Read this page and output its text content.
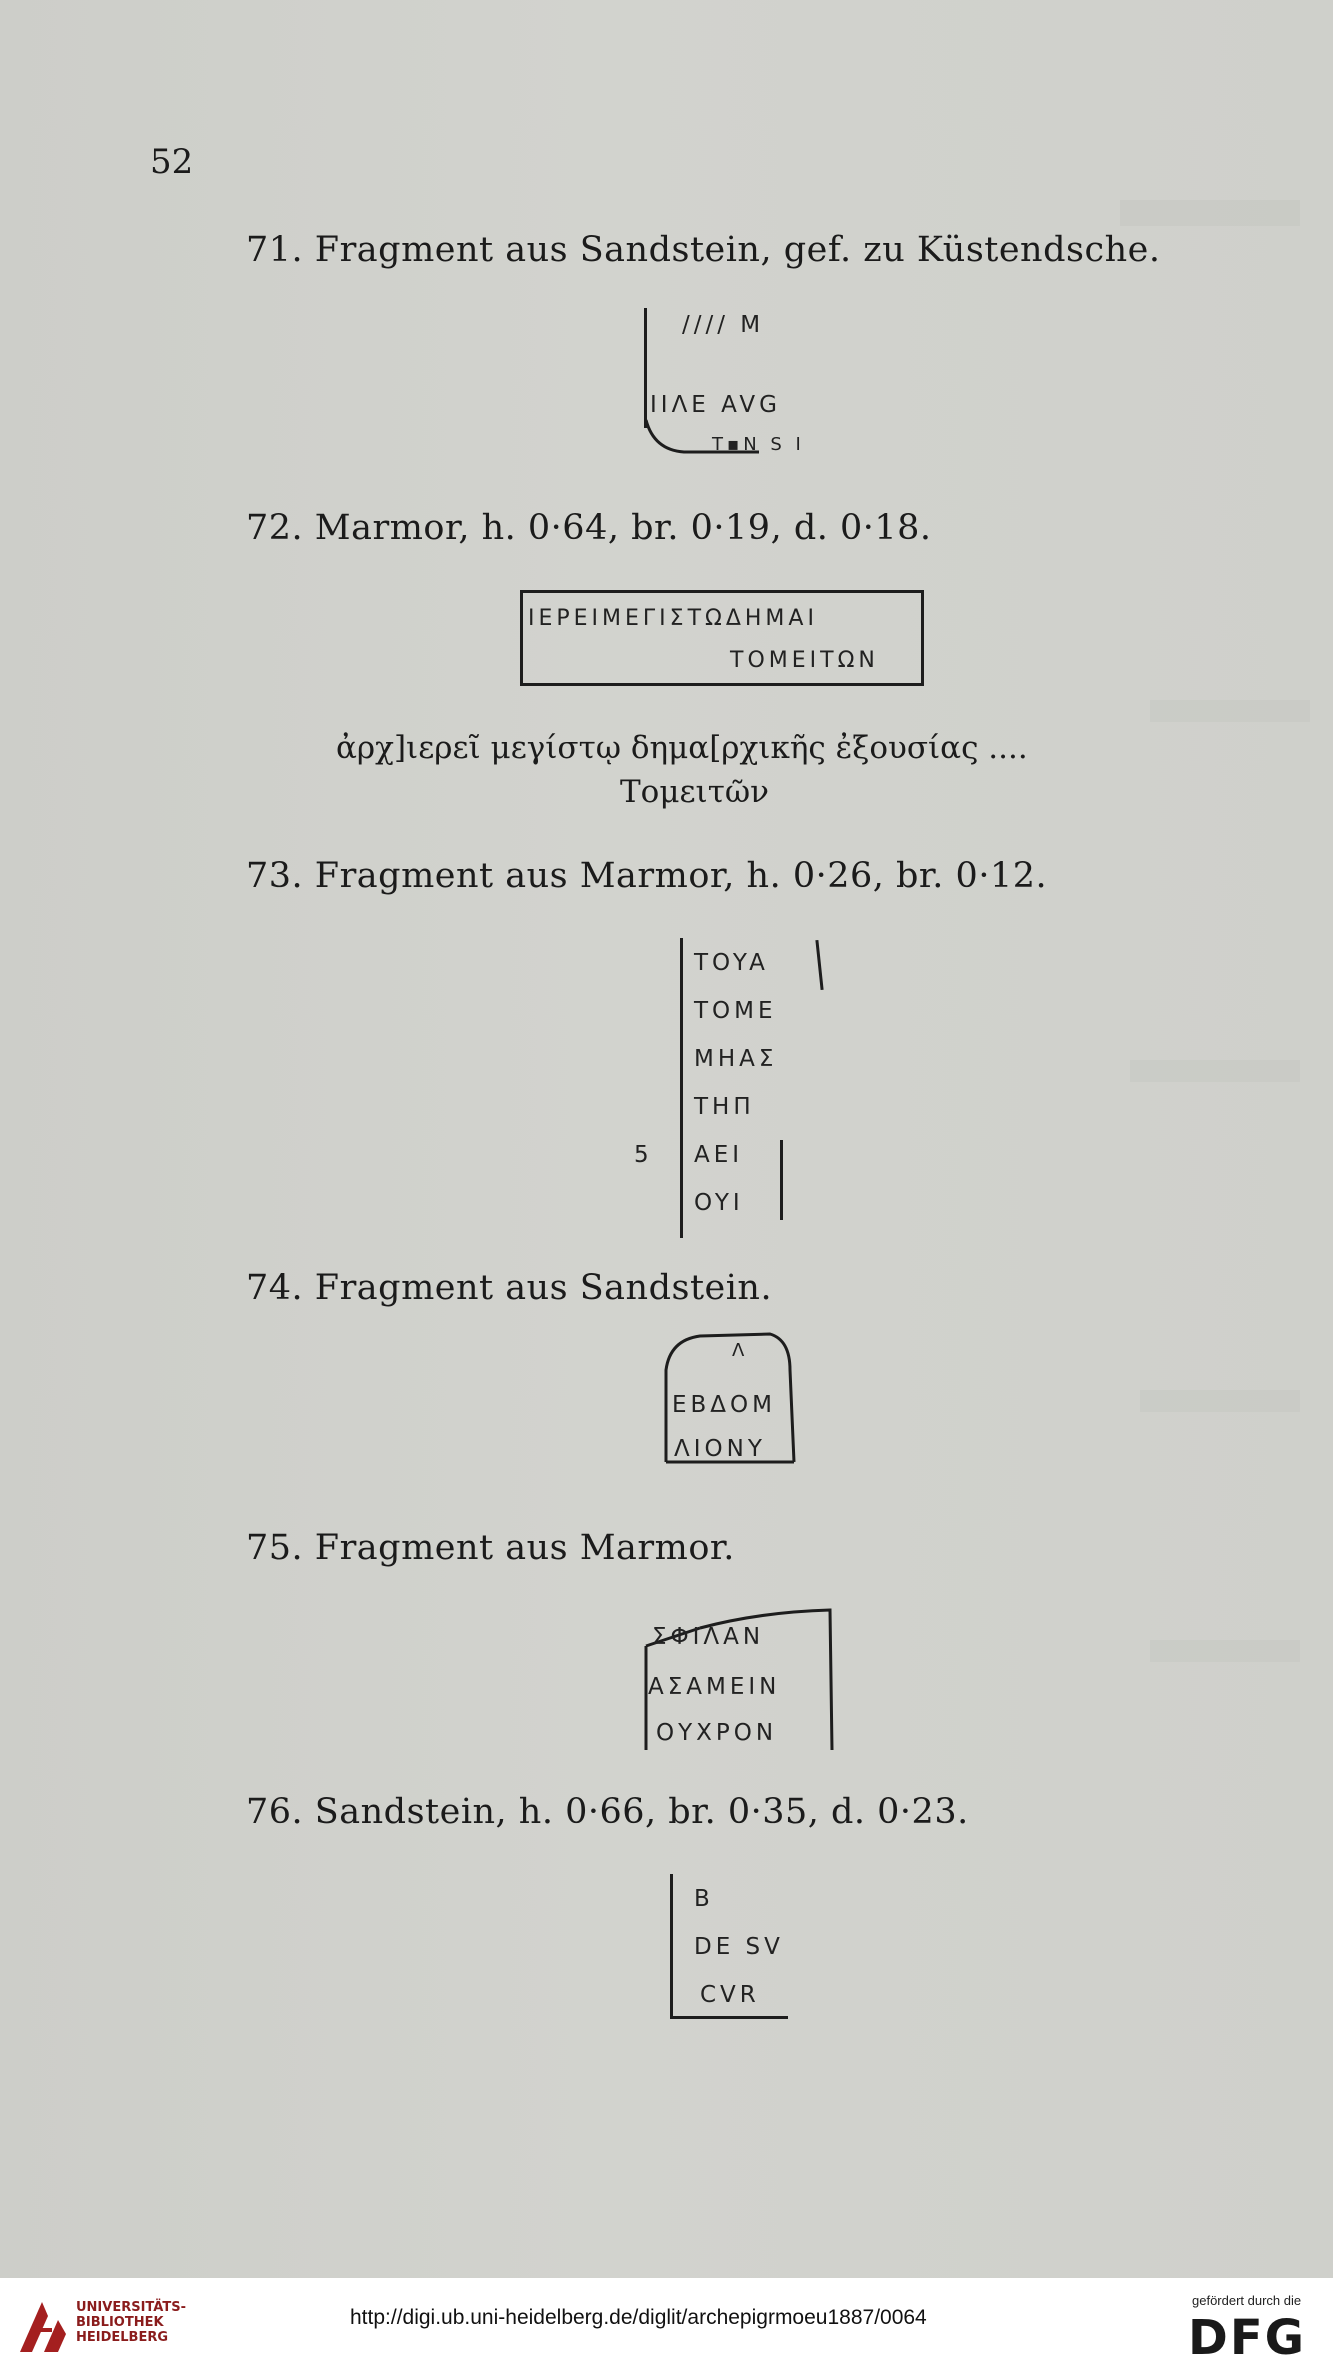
52
71. Fragment aus Sandstein, gef. zu Küstendsche.
//// M
IIΛE AVG
T▪N S I
72. Marmor, h. 0·64, br. 0·19, d. 0·18.
IEPEIMEΓIΣTΩΔHMAI
TOMEITΩN
ἀρχ]ιερεῖ μεγίστῳ δημα[ρχικῆς ἐξουσίας ....
Τομειτῶν
73. Fragment aus Marmor, h. 0·26, br. 0·12.
TOYA
TOME
MHΑΣ
THΠ
AEI
OYI
5
74. Fragment aus Sandstein.
Λ
EBΔOM
ΛIONY
75. Fragment aus Marmor.
ΣΦΙΛΑΝ
ΑΣΑΜΕΙΝ
ΟΥΧΡΟΝ
76. Sandstein, h. 0·66, br. 0·35, d. 0·23.
B
DE SV
CVR
UNIVERSITÄTS-
BIBLIOTHEK
HEIDELBERG
http://digi.ub.uni-heidelberg.de/diglit/archepigrmoeu1887/0064
gefördert durch die
DFG
